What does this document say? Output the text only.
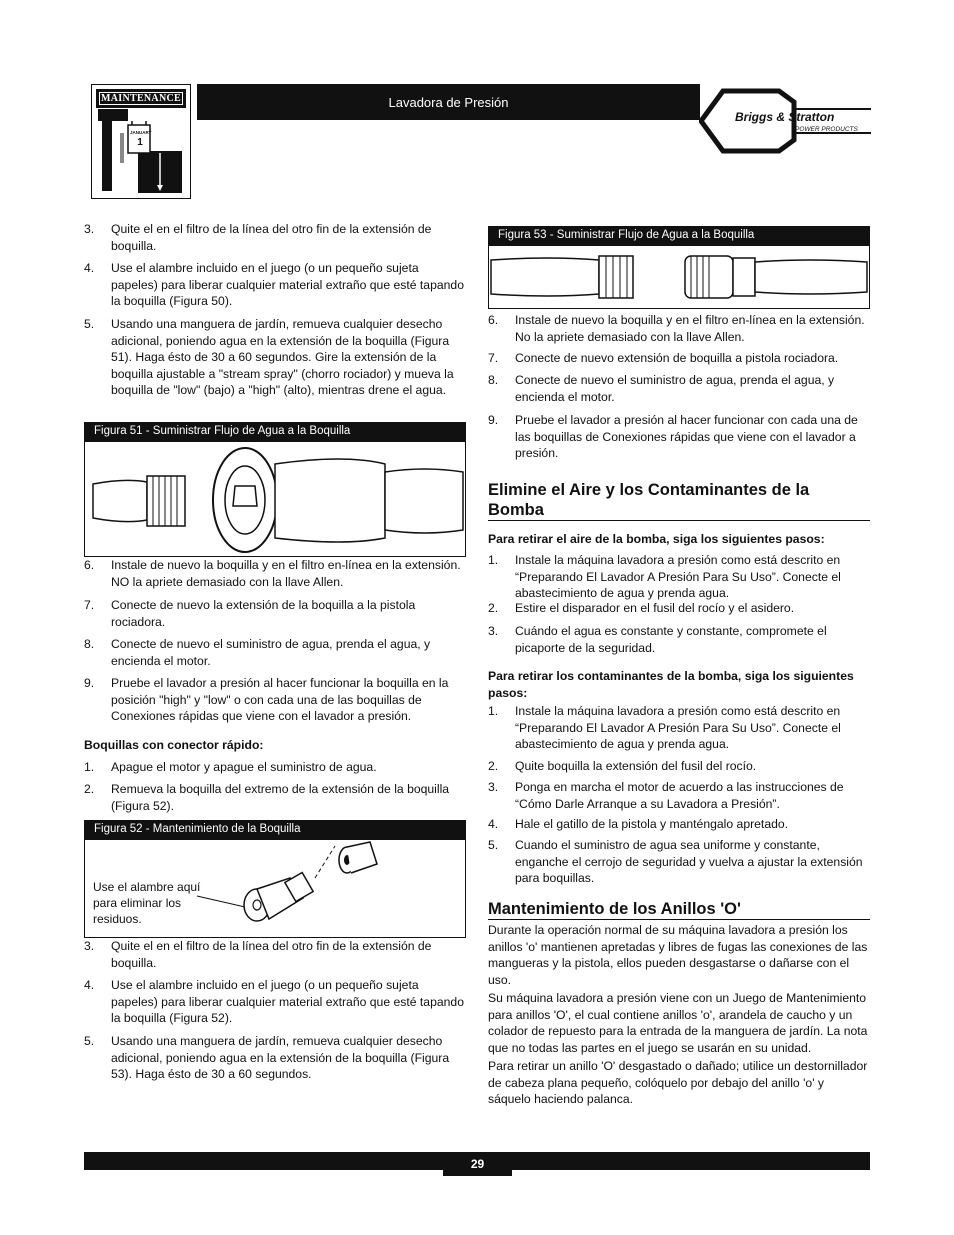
MAINTENANCE
JANUARY
1
Lavadora de Presión
Briggs & Stratton
POWER PRODUCTS
3. Quite el en el filtro de la línea del otro fin de la extensión de boquilla.
4. Use el alambre incluido en el juego (o un pequeño sujeta papeles) para liberar cualquier material extraño que esté tapando la boquilla (Figura 50).
5. Usando una manguera de jardín, remueva cualquier desecho adicional, poniendo agua en la extensión de la boquilla (Figura 51). Haga ésto de 30 a 60 segundos. Gire la extensión de la boquilla ajustable a "stream spray" (chorro rociador) y mueva la boquilla de "low" (bajo) a "high" (alto), mientras drene el agua.
Figura 51 - Suministrar Flujo de Agua a la Boquilla
6. Instale de nuevo la boquilla y en el filtro en-línea en la extensión. NO la apriete demasiado con la llave Allen.
7. Conecte de nuevo la extensión de la boquilla a la pistola rociadora.
8. Conecte de nuevo el suministro de agua, prenda el agua, y encienda el motor.
9. Pruebe el lavador a presión al hacer funcionar la boquilla en la posición "high" y "low" o con cada una de las boquillas de Conexiones rápidas que viene con el lavador a presión.
Boquillas con conector rápido:
1. Apague el motor y apague el suministro de agua.
2. Remueva la boquilla del extremo de la extensión de la boquilla (Figura 52).
Figura 52 - Mantenimiento de la Boquilla
Use el alambre aquí para eliminar los residuos.
3. Quite el en el filtro de la línea del otro fin de la extensión de boquilla.
4. Use el alambre incluido en el juego (o un pequeño sujeta papeles) para liberar cualquier material extraño que esté tapando la boquilla (Figura 52).
5. Usando una manguera de jardín, remueva cualquier desecho adicional, poniendo agua en la extensión de la boquilla (Figura 53). Haga ésto de 30 a 60 segundos.
Figura 53 - Suministrar Flujo de Agua a la Boquilla
6. Instale de nuevo la boquilla y en el filtro en-línea en la extensión. No la apriete demasiado con la llave Allen.
7. Conecte de nuevo extensión de boquilla a pistola rociadora.
8. Conecte de nuevo el suministro de agua, prenda el agua, y encienda el motor.
9. Pruebe el lavador a presión al hacer funcionar con cada una de las boquillas de Conexiones rápidas que viene con el lavador a presión.
Elimine el Aire y los Contaminantes de la Bomba
Para retirar el aire de la bomba, siga los siguientes pasos:
1. Instale la máquina lavadora a presión como está descrito en “Preparando El Lavador A Presión Para Su Uso”. Conecte el abastecimiento de agua y prenda agua.
2. Estire el disparador en el fusil del rocío y el asidero.
3. Cuándo el agua es constante y constante, compromete el picaporte de la seguridad.
Para retirar los contaminantes de la bomba, siga los siguientes pasos:
1. Instale la máquina lavadora a presión como está descrito en “Preparando El Lavador A Presión Para Su Uso”. Conecte el abastecimiento de agua y prenda agua.
2. Quite boquilla la extensión del fusil del rocío.
3. Ponga en marcha el motor de acuerdo a las instrucciones de “Cómo Darle Arranque a su Lavadora a Presión”.
4. Hale el gatillo de la pistola y manténgalo apretado.
5. Cuando el suministro de agua sea uniforme y constante, enganche el cerrojo de seguridad y vuelva a ajustar la extensión para boquillas.
Mantenimiento de los Anillos 'O'
Durante la operación normal de su máquina lavadora a presión los anillos 'o' mantienen apretadas y libres de fugas las conexiones de las mangueras y la pistola, ellos pueden desgastarse o dañarse con el uso.
Su máquina lavadora a presión viene con un Juego de Mantenimiento para anillos 'O', el cual contiene anillos 'o', arandela de caucho y un colador de repuesto para la entrada de la manguera de jardín. La nota que no todas las partes en el juego se usarán en su unidad.
Para retirar un anillo 'O' desgastado o dañado; utilice un destornillador de cabeza plana pequeño, colóquelo por debajo del anillo 'o' y sáquelo haciendo palanca.
29
